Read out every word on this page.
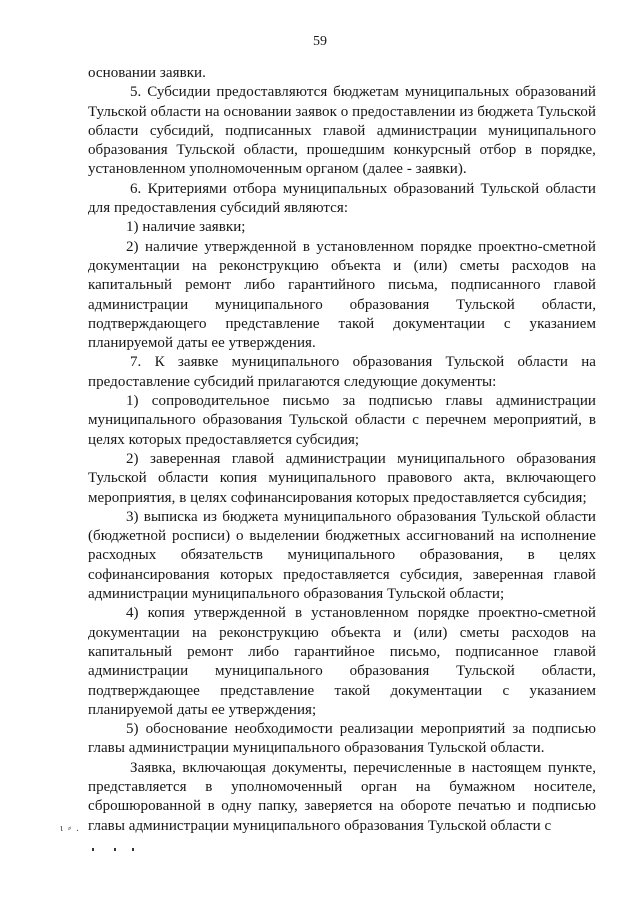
59

основании заявки.

5. Субсидии предоставляются бюджетам муниципальных образований Тульской области на основании заявок о предоставлении из бюджета Тульской области субсидий, подписанных главой администрации муниципального образования Тульской области, прошедшим конкурсный отбор в порядке, установленном уполномоченным органом (далее - заявки).

6. Критериями отбора муниципальных образований Тульской области для предоставления субсидий являются:

1) наличие заявки;

2) наличие утвержденной в установленном порядке проектно-сметной документации на реконструкцию объекта и (или) сметы расходов на капитальный ремонт либо гарантийного письма, подписанного главой администрации муниципального образования Тульской области, подтверждающего представление такой документации с указанием планируемой даты ее утверждения.

7. К заявке муниципального образования Тульской области на предоставление субсидий прилагаются следующие документы:

1) сопроводительное письмо за подписью главы администрации муниципального образования Тульской области с перечнем мероприятий, в целях которых предоставляется субсидия;

2) заверенная главой администрации муниципального образования Тульской области копия муниципального правового акта, включающего мероприятия, в целях софинансирования которых предоставляется субсидия;

3) выписка из бюджета муниципального образования Тульской области (бюджетной росписи) о выделении бюджетных ассигнований на исполнение расходных обязательств муниципального образования, в целях софинансирования которых предоставляется субсидия, заверенная главой администрации муниципального образования Тульской области;

4) копия утвержденной в установленном порядке проектно-сметной документации на реконструкцию объекта и (или) сметы расходов на капитальный ремонт либо гарантийное письмо, подписанное главой администрации муниципального образования Тульской области, подтверждающее представление такой документации с указанием планируемой даты ее утверждения;

5) обоснование необходимости реализации мероприятий за подписью главы администрации муниципального образования Тульской области.

Заявка, включающая документы, перечисленные в настоящем пункте, представляется в уполномоченный орган на бумажном носителе, сброшюрованной в одну папку, заверяется на обороте печатью и подписью главы администрации муниципального образования Тульской области с

ι ⸗ .
